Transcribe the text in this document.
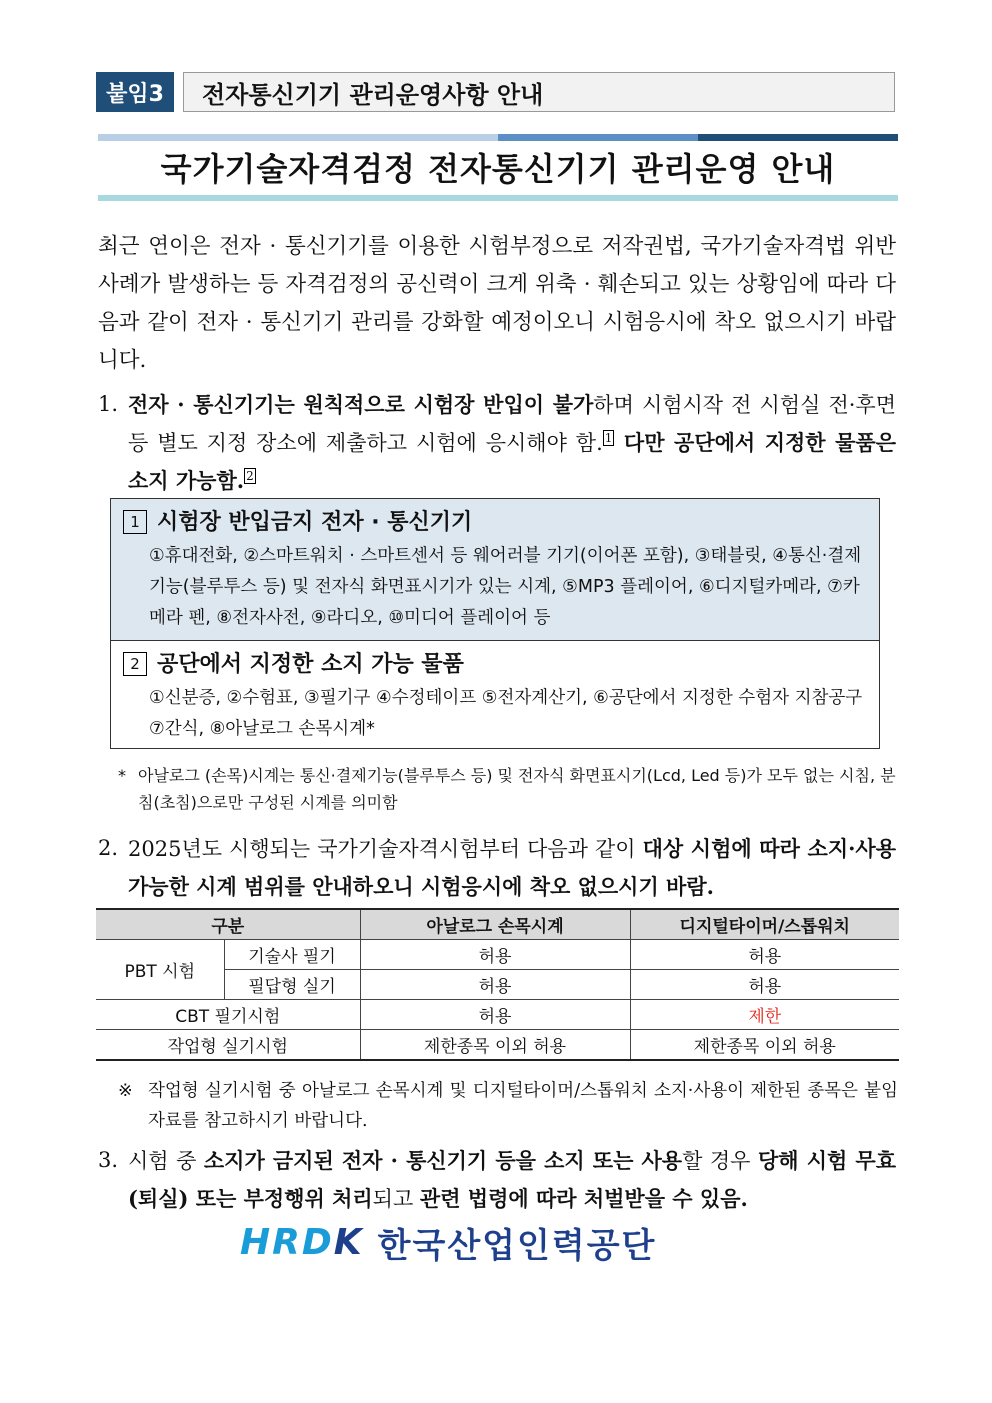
붙임3	전자통신기기 관리운영사항 안내
국가기술자격검정 전자통신기기 관리운영 안내
최근 연이은 전자 · 통신기기를 이용한 시험부정으로 저작권법, 국가기술자격법 위반 사례가 발생하는 등 자격검정의 공신력이 크게 위축 · 훼손되고 있는 상황임에 따라 다음과 같이 전자 · 통신기기 관리를 강화할 예정이오니 시험응시에 착오 없으시기 바랍니다.
1. 전자 · 통신기기는 원칙적으로 시험장 반입이 불가하며 시험시작 전 시험실 전·후면 등 별도 지정 장소에 제출하고 시험에 응시해야 함. $^1$ 다만 공단에서 지정한 물품은 소지 가능함. $^2$
1 시험장 반입금지 전자 · 통신기기
①휴대전화, ②스마트워치 · 스마트센서 등 웨어러블 기기(이어폰 포함), ③태블릿, ④통신·결제기능(블루투스 등) 및 전자식 화면표시기가 있는 시계, ⑤MP3 플레이어, ⑥디지털카메라, ⑦카메라 펜, ⑧전자사전, ⑨라디오, ⑩미디어 플레이어 등
2 공단에서 지정한 소지 가능 물품
①신분증, ②수험표, ③필기구 ④수정테이프 ⑤전자계산기, ⑥공단에서 지정한 수험자 지참공구 ⑦간식, ⑧아날로그 손목시계*
* 아날로그 (손목)시계는 통신·결제기능(블루투스 등) 및 전자식 화면표시기(Lcd, Led 등)가 모두 없는 시침, 분침(초침)으로만 구성된 시계를 의미함
2. 2025년도 시행되는 국가기술자격시험부터 다음과 같이 대상 시험에 따라 소지·사용 가능한 시계 범위를 안내하오니 시험응시에 착오 없으시기 바람.
구분		아날로그 손목시계	디지털타이머/스톱워치
PBT 시험	기술사 필기	허용	허용
	필답형 실기	허용	허용
CBT 필기시험		허용	제한
작업형 실기시험		제한종목 이외 허용	제한종목 이외 허용
※ 작업형 실기시험 중 아날로그 손목시계 및 디지털타이머/스톱워치 소지·사용이 제한된 종목은 붙임 자료를 참고하시기 바랍니다.
3. 시험 중 소지가 금지된 전자 · 통신기기 등을 소지 또는 사용할 경우 당해 시험 무효(퇴실) 또는 부정행위 처리되고 관련 법령에 따라 처벌받을 수 있음.
HRDK 한국산업인력공단
